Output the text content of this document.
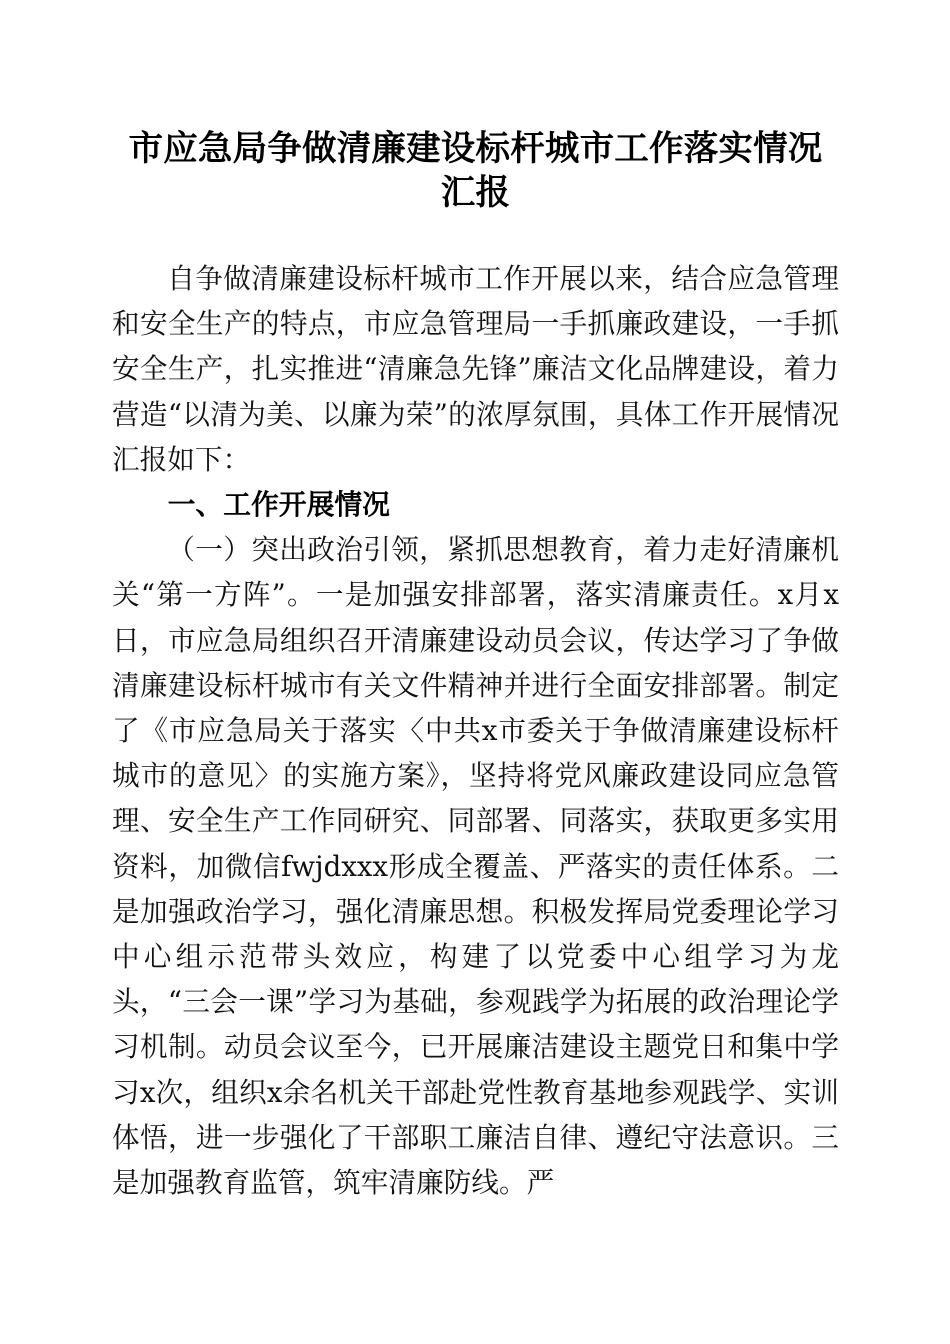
市应急局争做清廉建设标杆城市工作落实情况汇报

自争做清廉建设标杆城市工作开展以来，结合应急管理和安全生产的特点，市应急管理局一手抓廉政建设，一手抓安全生产，扎实推进“清廉急先锋”廉洁文化品牌建设，着力营造“以清为美、以廉为荣”的浓厚氛围，具体工作开展情况汇报如下：

一、工作开展情况

（一）突出政治引领，紧抓思想教育，着力走好清廉机关“第一方阵”。一是加强安排部署，落实清廉责任。x月x日，市应急局组织召开清廉建设动员会议，传达学习了争做清廉建设标杆城市有关文件精神并进行全面安排部署。制定了《市应急局关于落实〈中共x市委关于争做清廉建设标杆城市的意见〉的实施方案》，坚持将党风廉政建设同应急管理、安全生产工作同研究、同部署、同落实，获取更多实用资料，加微信fwjdxxx形成全覆盖、严落实的责任体系。二是加强政治学习，强化清廉思想。积极发挥局党委理论学习中心组示范带头效应，构建了以党委中心组学习为龙头，“三会一课”学习为基础，参观践学为拓展的政治理论学习机制。动员会议至今，已开展廉洁建设主题党日和集中学习x次，组织x余名机关干部赴党性教育基地参观践学、实训体悟，进一步强化了干部职工廉洁自律、遵纪守法意识。三是加强教育监管，筑牢清廉防线。严
